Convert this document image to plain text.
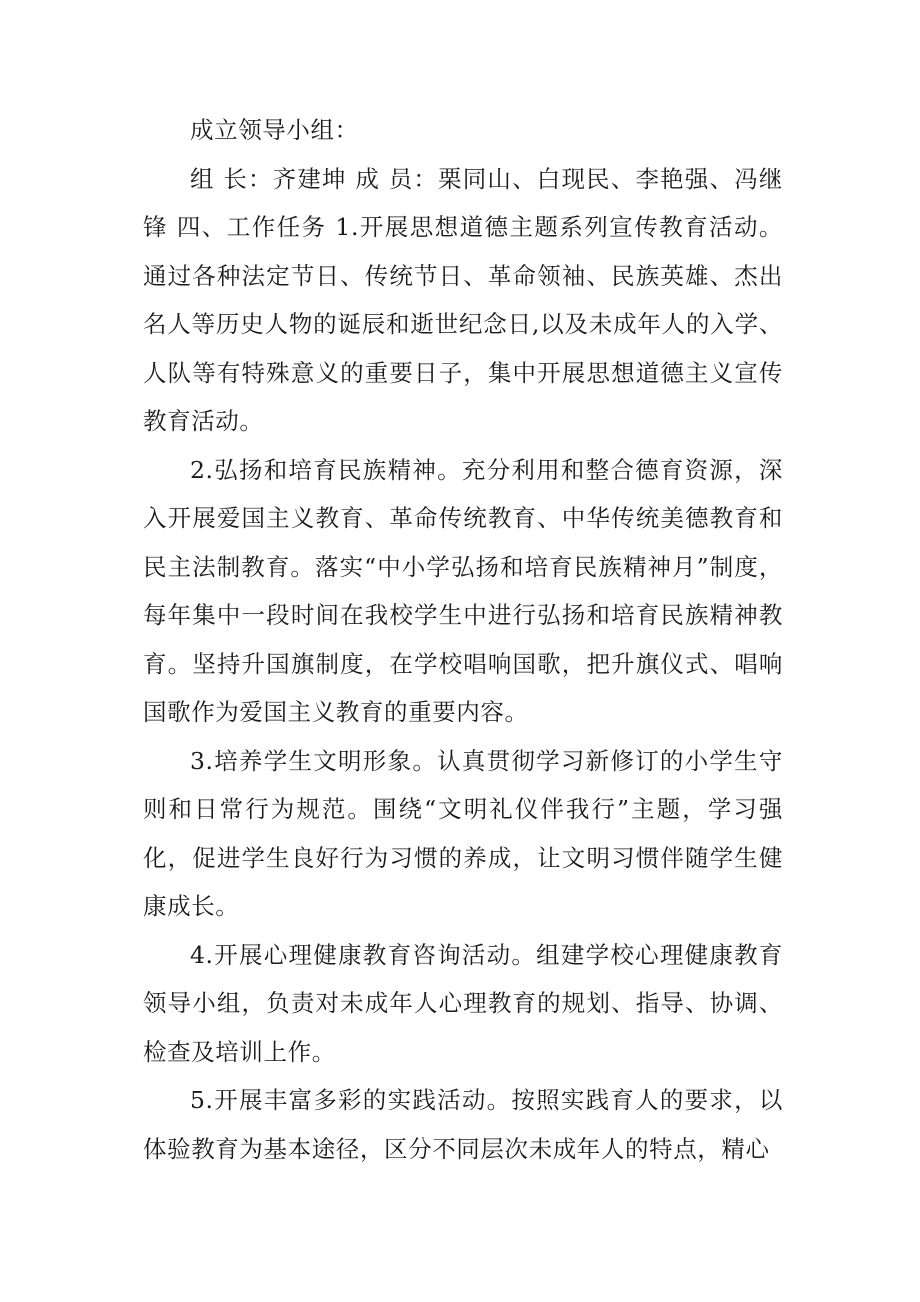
成立领导小组：

组 长：齐建坤 成 员：栗同山、白现民、李艳强、冯继锋 四、工作任务 1.开展思想道德主题系列宣传教育活动。通过各种法定节日、传统节日、革命领袖、民族英雄、杰出名人等历史人物的诞辰和逝世纪念日,以及未成年人的入学、人队等有特殊意义的重要日子，集中开展思想道德主义宣传教育活动。

2.弘扬和培育民族精神。充分利用和整合德育资源，深入开展爱国主义教育、革命传统教育、中华传统美德教育和民主法制教育。落实“中小学弘扬和培育民族精神月”制度，每年集中一段时间在我校学生中进行弘扬和培育民族精神教育。坚持升国旗制度，在学校唱响国歌，把升旗仪式、唱响国歌作为爱国主义教育的重要内容。

3.培养学生文明形象。认真贯彻学习新修订的小学生守则和日常行为规范。围绕“文明礼仪伴我行”主题，学习强化，促进学生良好行为习惯的养成，让文明习惯伴随学生健康成长。

4.开展心理健康教育咨询活动。组建学校心理健康教育领导小组，负责对未成年人心理教育的规划、指导、协调、检查及培训上作。

5.开展丰富多彩的实践活动。按照实践育人的要求，以体验教育为基本途径，区分不同层次未成年人的特点，精心
